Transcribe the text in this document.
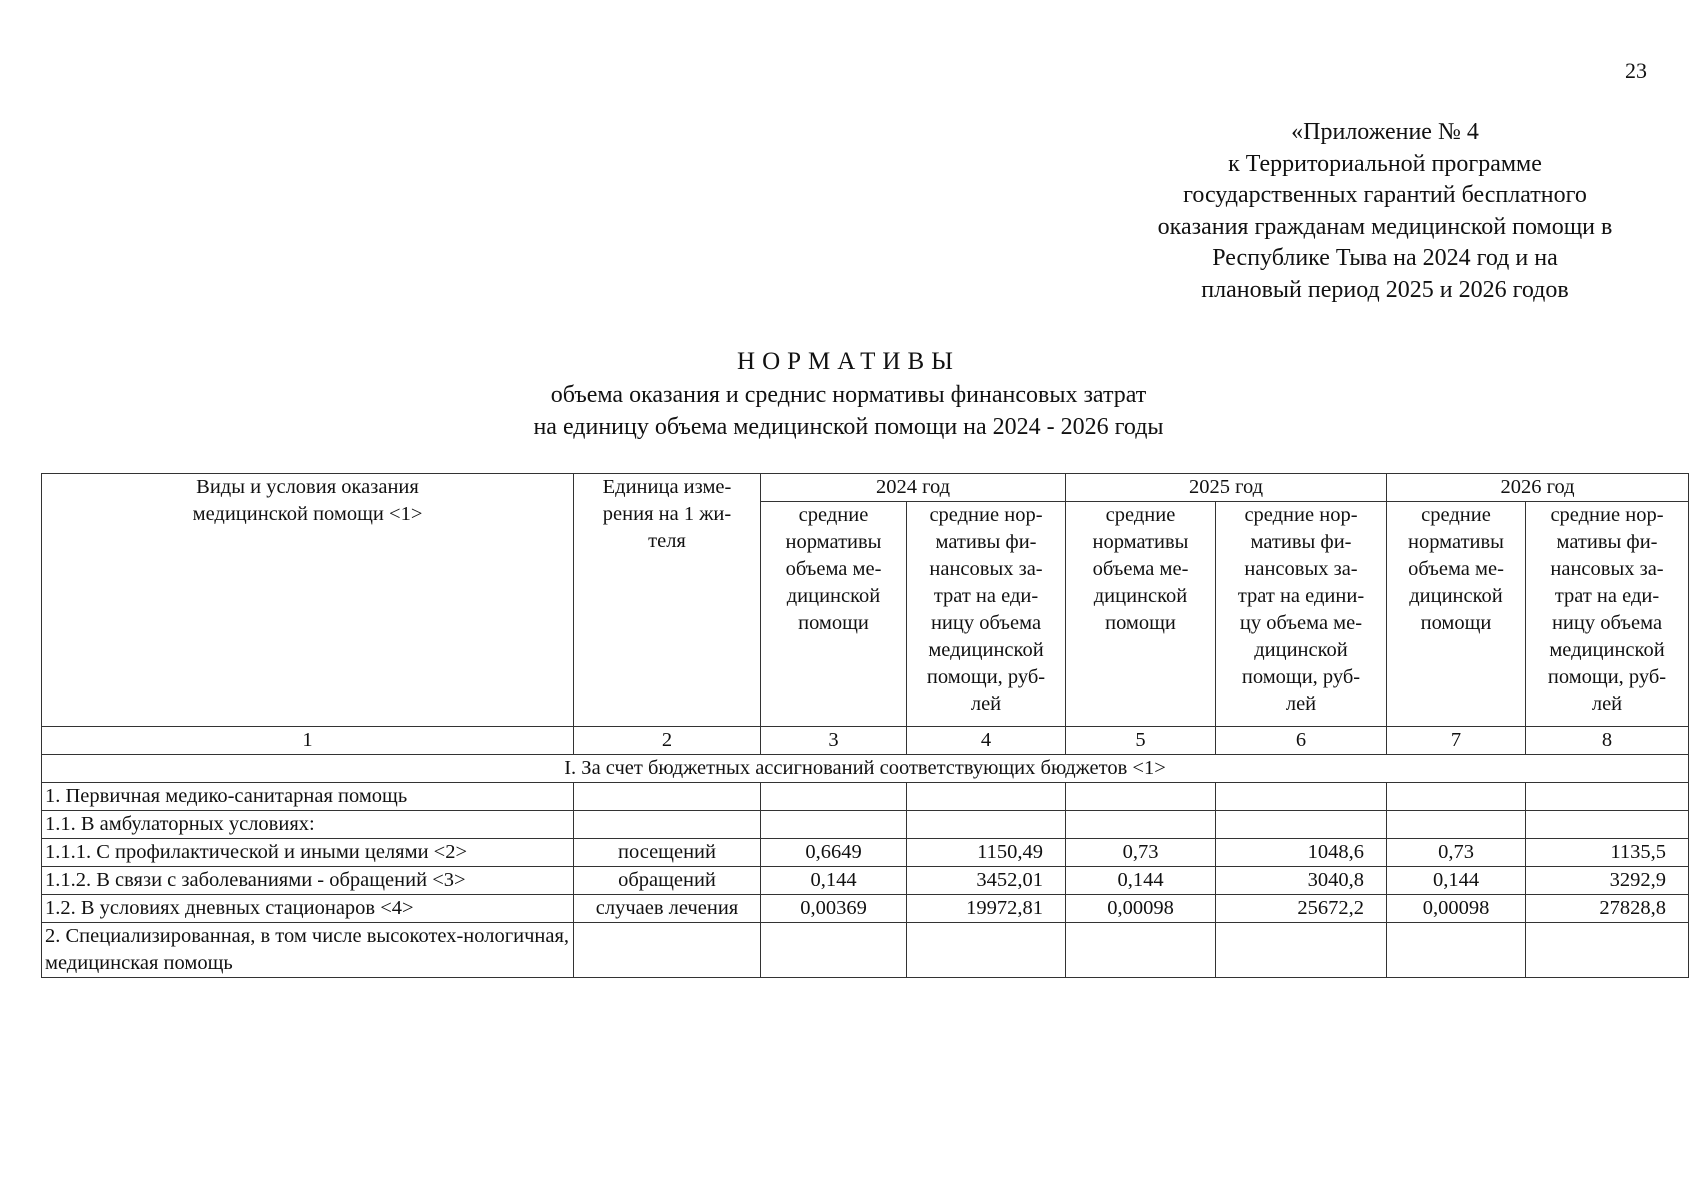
23
«Приложение № 4
к Территориальной программе
государственных гарантий бесплатного
оказания гражданам медицинской помощи в
Республике Тыва на 2024 год и на
плановый период 2025 и 2026 годов
НОРМАТИВЫ
объема оказания и среднис нормативы финансовых затрат
на единицу объема медицинской помощи на 2024 - 2026 годы
Виды и условия оказания медицинской помощи <1>	Единица изме-рения на 1 жи-теля	2024 год		2025 год		2026 год	
		средние нормативы объема ме-дицинской помощи	средние нор-мативы фи-нансовых за-трат на еди-ницу объема медицинской помощи, руб-лей	средние нормативы объема ме-дицинской помощи	средние нор-мативы фи-нансовых за-трат на едини-цу объема ме-дицинской помощи, руб-лей	средние нормативы объема ме-дицинской помощи	средние нор-мативы фи-нансовых за-трат на еди-ницу объема медицинской помощи, руб-лей
1	2	3	4	5	6	7	8
I. За счет бюджетных ассигнований соответствующих бюджетов <1>							
1. Первичная медико-санитарная помощь							
1.1. В амбулаторных условиях:							
1.1.1. С профилактической и иными целями <2>	посещений	0,6649	1150,49	0,73	1048,6	0,73	1135,5
1.1.2. В связи с заболеваниями - обращений <3>	обращений	0,144	3452,01	0,144	3040,8	0,144	3292,9
1.2. В условиях дневных стационаров <4>	случаев лечения	0,00369	19972,81	0,00098	25672,2	0,00098	27828,8
2. Специализированная, в том числе высокотех-нологичная, медицинская помощь							
